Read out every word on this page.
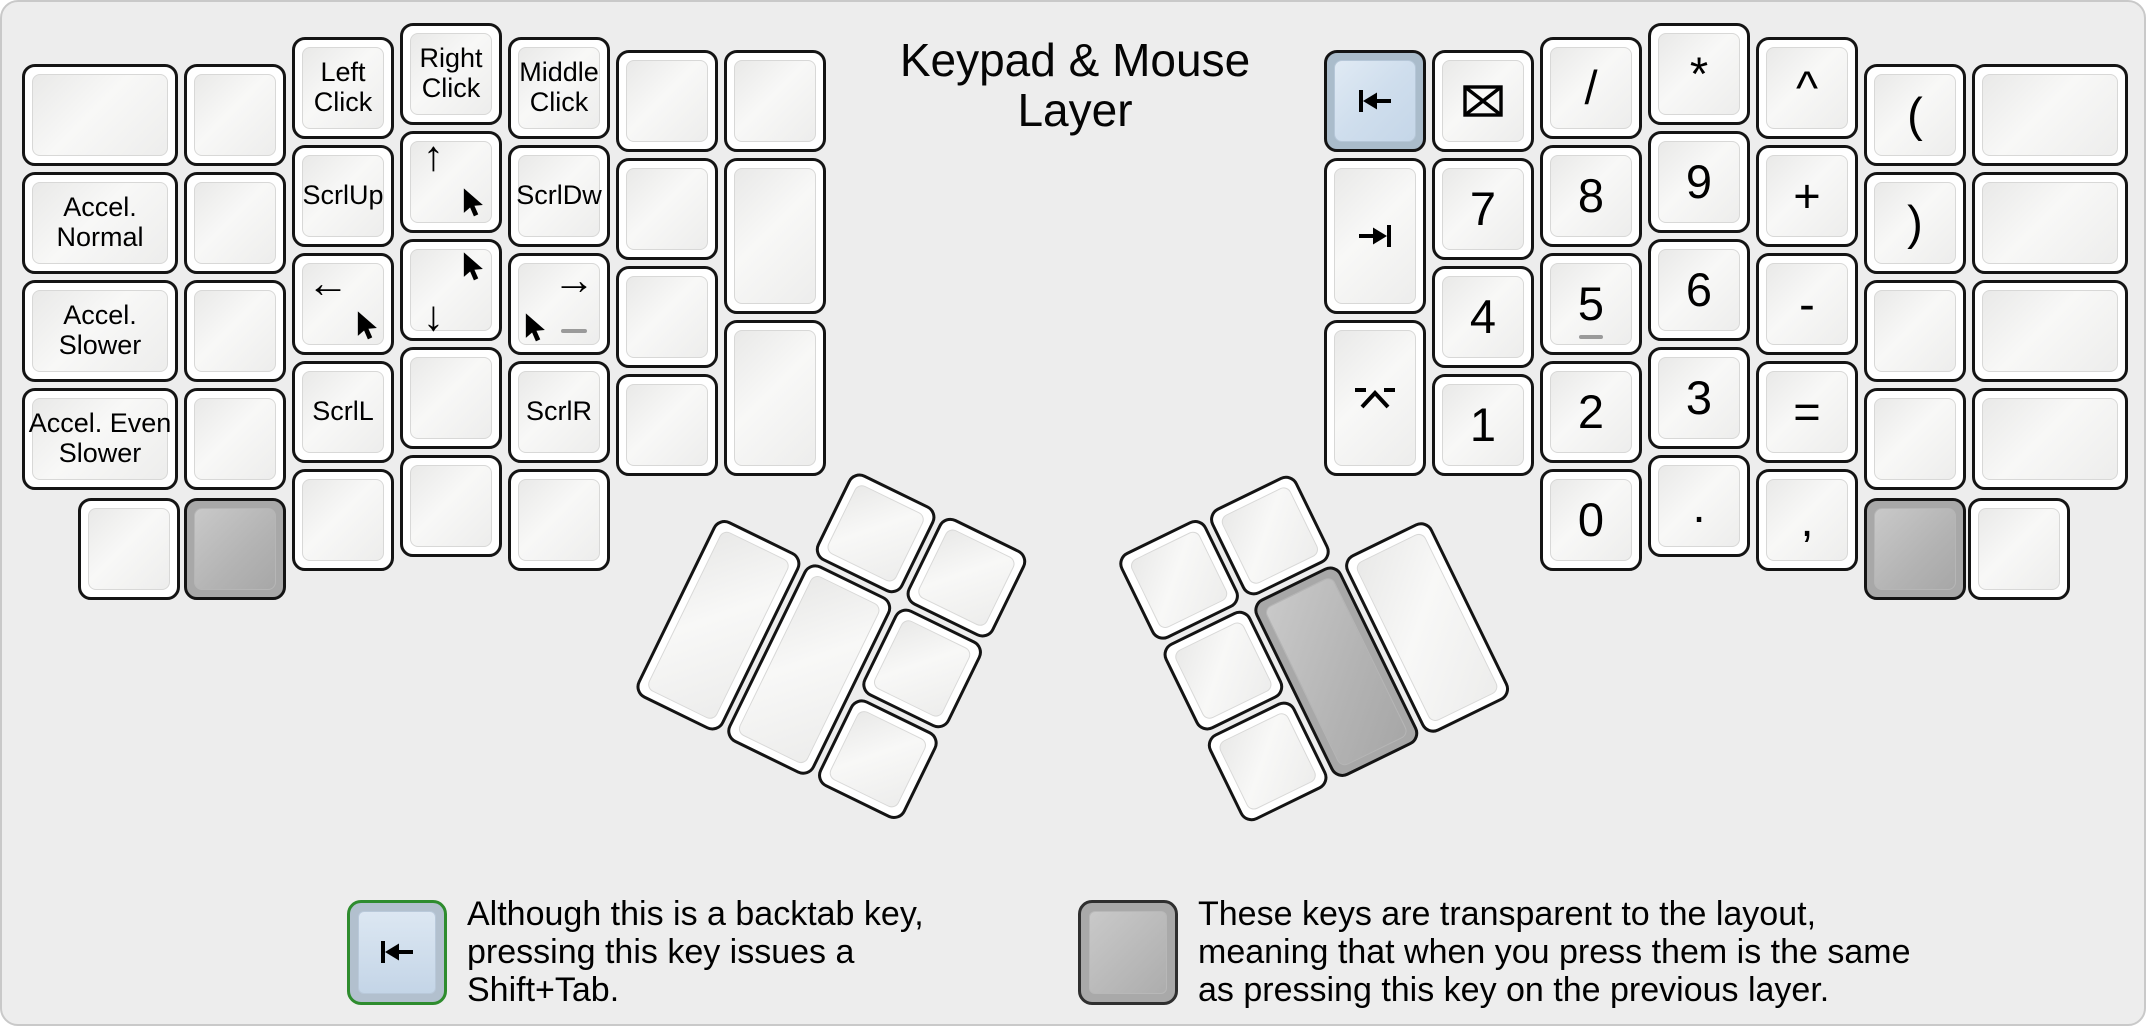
Keypad & Mouse
Layer
Accel. Normal
Accel. Slower
Accel. Even Slower
Left Click
ScrlUp
←
ScrlL
Right Click
↑
↓
Middle Click
ScrlDw
→
ScrlR
7
4
1
/
8
5
2
0
*
9
6
3
.
^
+
-
=
,
(
)
Although this is a backtab key,
pressing this key issues a
Shift+Tab.
These keys are transparent to the layout,
meaning that when you press them is the same
as pressing this key on the previous layer.
